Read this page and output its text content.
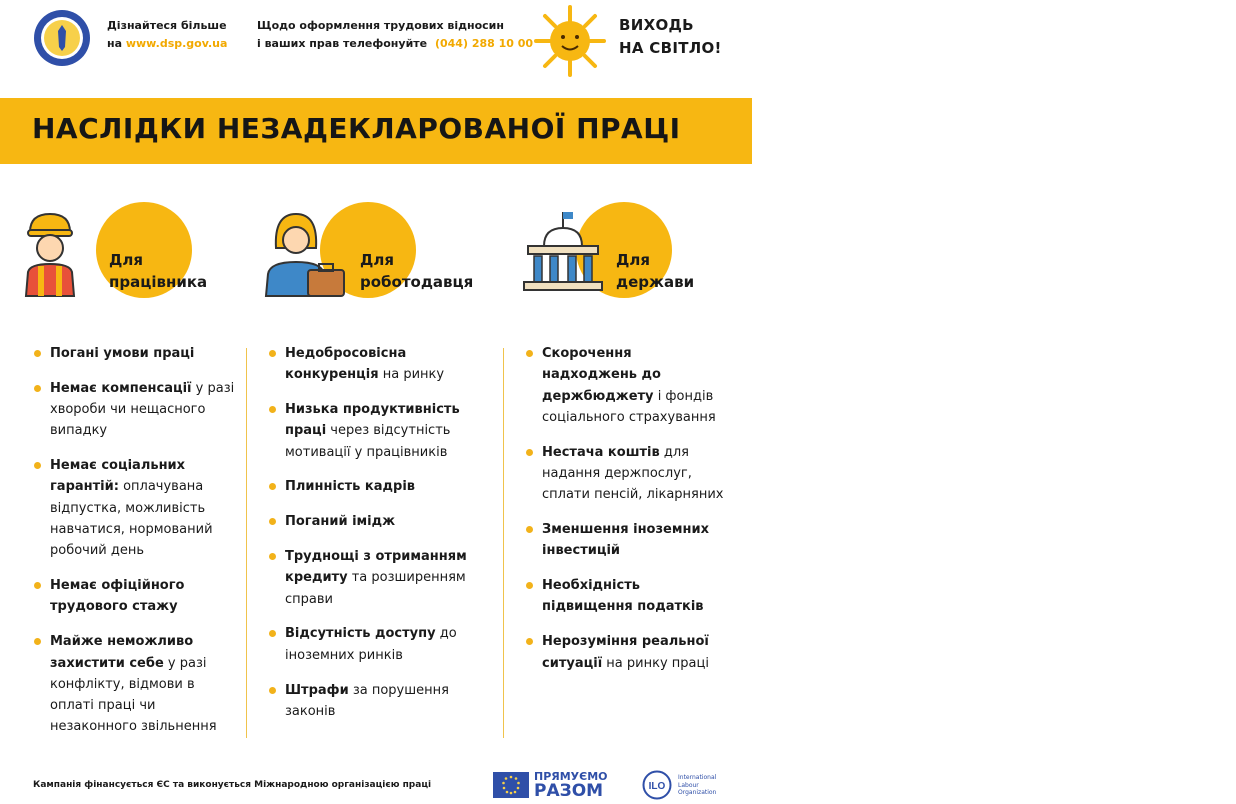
Дізнайтеся більше
на www.dsp.gov.ua
Щодо оформлення трудових відносин
і ваших прав телефонуйте (044) 288 10 00
ВИХОДЬ
НА СВІТЛО!
НАСЛІДКИ НЕЗАДЕКЛАРОВАНОЇ ПРАЦІ
Для
працівника
Для
роботодавця
Для
держави
Погані умови праці
Немає компенсації у разі хвороби чи нещасного випадку
Немає соціальних гарантій: оплачувана відпустка, можливість навчатися, нормований робочий день
Немає офіційного трудового стажу
Майже неможливо захистити себе у разі конфлікту, відмови в оплаті праці чи незаконного звільнення
Недобросовісна конкуренція на ринку
Низька продуктивність праці через відсутність мотивації у працівників
Плинність кадрів
Поганий імідж
Труднощі з отриманням кредиту та розширенням справи
Відсутність доступу до іноземних ринків
Штрафи за порушення законів
Скорочення надходжень до держбюджету і фондів соціального страхування
Нестача коштів для надання держпослуг, сплати пенсій, лікарняних
Зменшення іноземних інвестицій
Необхідність підвищення податків
Нерозуміння реальної ситуації на ринку праці
Кампанія фінансується ЄС та виконується Міжнародною організацією праці
ПРЯМУЄМО
РАЗОМ	ILO
International
Labour
Organization
